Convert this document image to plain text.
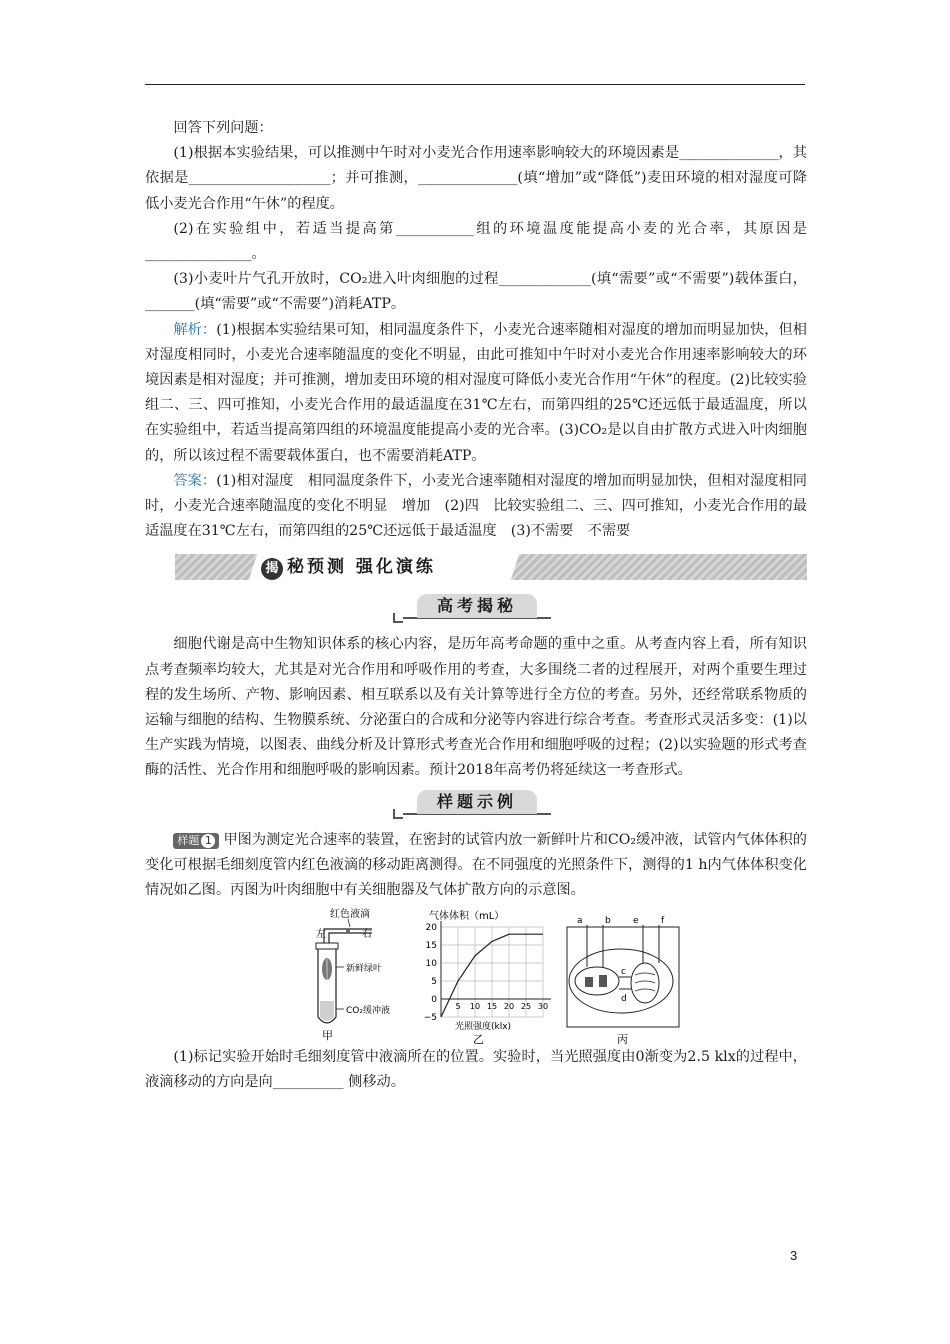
回答下列问题：

(1)根据本实验结果，可以推测中午时对小麦光合作用速率影响较大的环境因素是______________，其依据是____________________；并可推测，______________(填“增加”或“降低”)麦田环境的相对湿度可降低小麦光合作用“午休”的程度。

(2)在实验组中，若适当提高第___________组的环境温度能提高小麦的光合率，其原因是_______________。

(3)小麦叶片气孔开放时，CO₂进入叶肉细胞的过程_____________(填“需要”或“不需要”)载体蛋白，_______(填“需要”或“不需要”)消耗ATP。

解析：(1)根据本实验结果可知，相同温度条件下，小麦光合速率随相对湿度的增加而明显加快，但相对湿度相同时，小麦光合速率随温度的变化不明显，由此可推知中午时对小麦光合作用速率影响较大的环境因素是相对湿度；并可推测，增加麦田环境的相对湿度可降低小麦光合作用“午休”的程度。(2)比较实验组二、三、四可推知，小麦光合作用的最适温度在31℃左右，而第四组的25℃还远低于最适温度，所以在实验组中，若适当提高第四组的环境温度能提高小麦的光合率。(3)CO₂是以自由扩散方式进入叶肉细胞的，所以该过程不需要载体蛋白，也不需要消耗ATP。

答案：(1)相对湿度　相同温度条件下，小麦光合速率随相对湿度的增加而明显加快，但相对湿度相同时，小麦光合速率随温度的变化不明显　增加　(2)四　比较实验组二、三、四可推知，小麦光合作用的最适温度在31℃左右，而第四组的25℃还远低于最适温度　(3)不需要　不需要

揭 秘预测 强化演练
高考揭秘

细胞代谢是高中生物知识体系的核心内容，是历年高考命题的重中之重。从考查内容上看，所有知识点考查频率均较大，尤其是对光合作用和呼吸作用的考查，大多围绕二者的过程展开，对两个重要生理过程的发生场所、产物、影响因素、相互联系以及有关计算等进行全方位的考查。另外，还经常联系物质的运输与细胞的结构、生物膜系统、分泌蛋白的合成和分泌等内容进行综合考查。考查形式灵活多变：(1)以生产实践为情境，以图表、曲线分析及计算形式考查光合作用和细胞呼吸的过程；(2)以实验题的形式考查酶的活性、光合作用和细胞呼吸的影响因素。预计2018年高考仍将延续这一考查形式。

样题示例

样题 1 甲图为测定光合速率的装置，在密封的试管内放一新鲜叶片和CO₂缓冲液，试管内气体体积的变化可根据毛细刻度管内红色液滴的移动距离测得。在不同强度的光照条件下，测得的1 h内气体体积变化情况如乙图。丙图为叶肉细胞中有关细胞器及气体扩散方向的示意图。

红色液滴
左	右
新鲜绿叶
CO₂缓冲液
甲
气体体积（mL）
20
15
10
5
0
−5
5 10 15 20 25 30
光照强度(klx)
乙
a b e f
c
d
丙

(1)标记实验开始时毛细刻度管中液滴所在的位置。实验时，当光照强度由0渐变为2.5 klx的过程中，液滴移动的方向是向__________ 侧移动。

3
